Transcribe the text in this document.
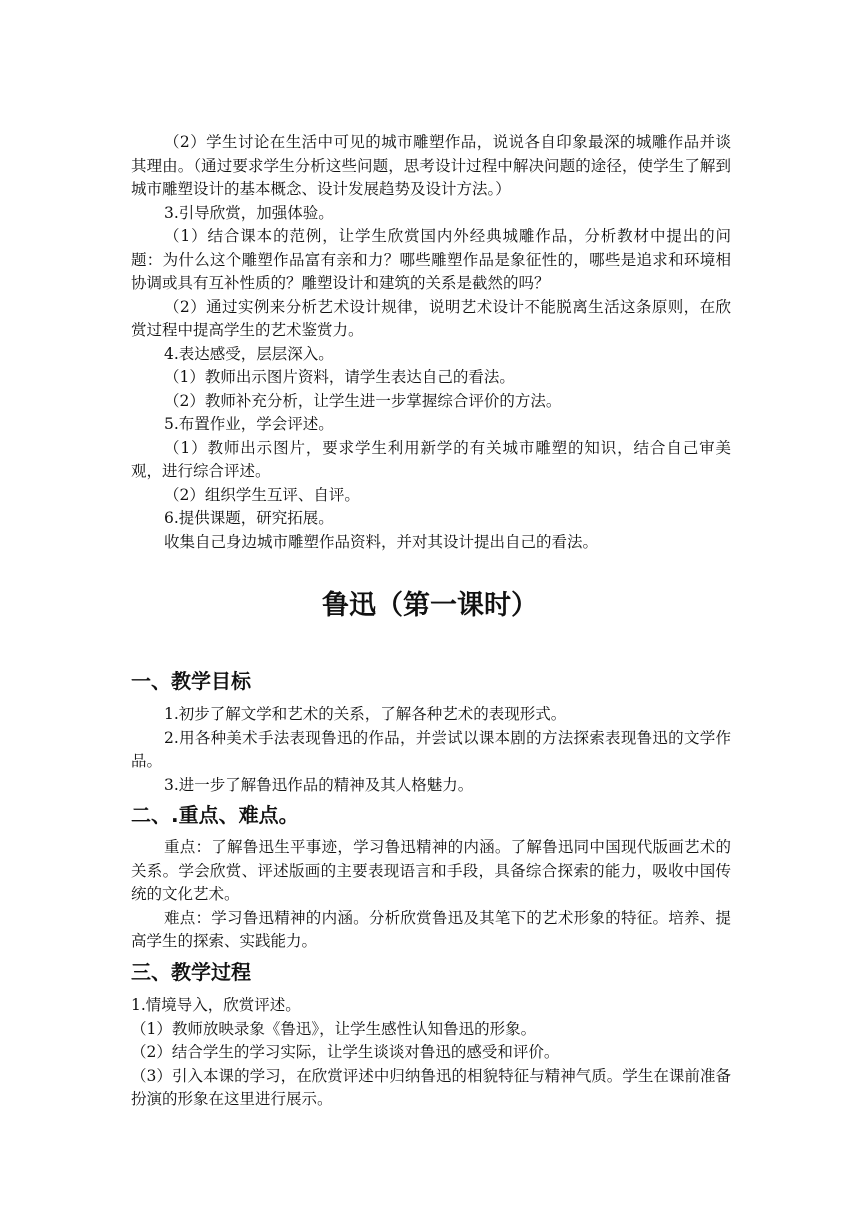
（2）学生讨论在生活中可见的城市雕塑作品，说说各自印象最深的城雕作品并谈其理由。（通过要求学生分析这些问题，思考设计过程中解决问题的途径，使学生了解到城市雕塑设计的基本概念、设计发展趋势及设计方法。）

3.引导欣赏，加强体验。

（1）结合课本的范例，让学生欣赏国内外经典城雕作品，分析教材中提出的问题：为什么这个雕塑作品富有亲和力？哪些雕塑作品是象征性的，哪些是追求和环境相协调或具有互补性质的？雕塑设计和建筑的关系是截然的吗？

（2）通过实例来分析艺术设计规律，说明艺术设计不能脱离生活这条原则，在欣赏过程中提高学生的艺术鉴赏力。

4.表达感受，层层深入。

（1）教师出示图片资料，请学生表达自己的看法。

（2）教师补充分析，让学生进一步掌握综合评价的方法。

5.布置作业，学会评述。

（1）教师出示图片，要求学生利用新学的有关城市雕塑的知识，结合自己审美观，进行综合评述。

（2）组织学生互评、自评。

6.提供课题，研究拓展。

收集自己身边城市雕塑作品资料，并对其设计提出自己的看法。

鲁迅（第一课时）
一、教学目标

1.初步了解文学和艺术的关系，了解各种艺术的表现形式。

2.用各种美术手法表现鲁迅的作品，并尝试以课本剧的方法探索表现鲁迅的文学作品。

3.进一步了解鲁迅作品的精神及其人格魅力。

二、.重点、难点。

重点：了解鲁迅生平事迹，学习鲁迅精神的内涵。了解鲁迅同中国现代版画艺术的关系。学会欣赏、评述版画的主要表现语言和手段，具备综合探索的能力，吸收中国传统的文化艺术。

难点：学习鲁迅精神的内涵。分析欣赏鲁迅及其笔下的艺术形象的特征。培养、提高学生的探索、实践能力。

三、教学过程

1.情境导入，欣赏评述。

（1）教师放映录象《鲁迅》，让学生感性认知鲁迅的形象。

（2）结合学生的学习实际，让学生谈谈对鲁迅的感受和评价。

（3）引入本课的学习，在欣赏评述中归纳鲁迅的相貌特征与精神气质。学生在课前准备扮演的形象在这里进行展示。
